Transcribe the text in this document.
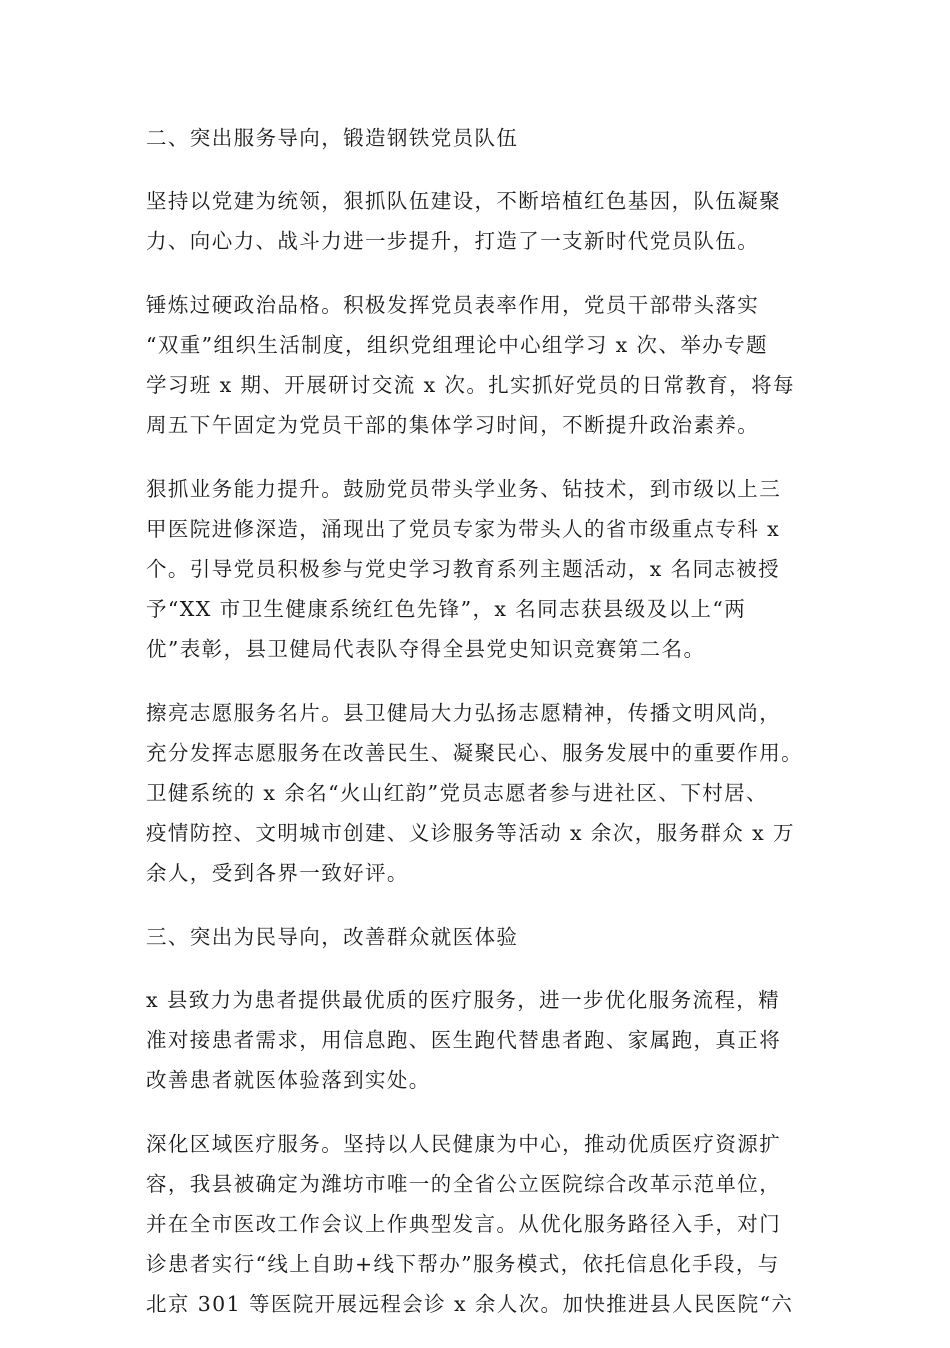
二、突出服务导向，锻造钢铁党员队伍

坚持以党建为统领，狠抓队伍建设，不断培植红色基因，队伍凝聚
力、向心力、战斗力进一步提升，打造了一支新时代党员队伍。

锤炼过硬政治品格。积极发挥党员表率作用，党员干部带头落实
“双重”组织生活制度，组织党组理论中心组学习 x 次、举办专题
学习班 x 期、开展研讨交流 x 次。扎实抓好党员的日常教育，将每
周五下午固定为党员干部的集体学习时间，不断提升政治素养。

狠抓业务能力提升。鼓励党员带头学业务、钻技术，到市级以上三
甲医院进修深造，涌现出了党员专家为带头人的省市级重点专科 x
个。引导党员积极参与党史学习教育系列主题活动，x 名同志被授
予“XX 市卫生健康系统红色先锋”，x 名同志获县级及以上“两
优”表彰，县卫健局代表队夺得全县党史知识竞赛第二名。

擦亮志愿服务名片。县卫健局大力弘扬志愿精神，传播文明风尚，
充分发挥志愿服务在改善民生、凝聚民心、服务发展中的重要作用。
卫健系统的 x 余名“火山红韵”党员志愿者参与进社区、下村居、
疫情防控、文明城市创建、义诊服务等活动 x 余次，服务群众 x 万
余人，受到各界一致好评。

三、突出为民导向，改善群众就医体验

x 县致力为患者提供最优质的医疗服务，进一步优化服务流程，精
准对接患者需求，用信息跑、医生跑代替患者跑、家属跑，真正将
改善患者就医体验落到实处。

深化区域医疗服务。坚持以人民健康为中心，推动优质医疗资源扩
容，我县被确定为潍坊市唯一的全省公立医院综合改革示范单位，
并在全市医改工作会议上作典型发言。从优化服务路径入手，对门
诊患者实行“线上自助+线下帮办”服务模式，依托信息化手段，与
北京 301 等医院开展远程会诊 x 余人次。加快推进县人民医院“六
